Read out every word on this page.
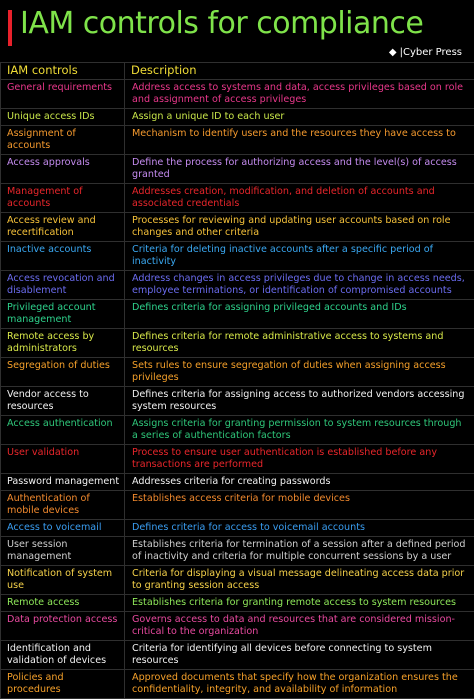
IAM controls for compliance
◆ |Cyber Press
IAM controls	Description
General requirements	Address access to systems and data, access privileges based on role and assignment of access privileges
Unique access IDs	Assign a unique ID to each user
Assignment of accounts	Mechanism to identify users and the resources they have access to
Access approvals	Define the process for authorizing access and the level(s) of access granted
Management of accounts	Addresses creation, modification, and deletion of accounts and associated credentials
Access review and recertification	Processes for reviewing and updating user accounts based on role changes and other criteria
Inactive accounts	Criteria for deleting inactive accounts after a specific period of inactivity
Access revocation and disablement	Address changes in access privileges due to change in access needs, employee terminations, or identification of compromised accounts
Privileged account management	Defines criteria for assigning privileged accounts and IDs
Remote access by administrators	Defines criteria for remote administrative access to systems and resources
Segregation of duties	Sets rules to ensure segregation of duties when assigning access privileges
Vendor access to resources	Defines criteria for assigning access to authorized vendors accessing system resources
Access authentication	Assigns criteria for granting permission to system resources through a series of authentication factors
User validation	Process to ensure user authentication is established before any transactions are performed
Password management	Addresses criteria for creating passwords
Authentication of mobile devices	Establishes access criteria for mobile devices
Access to voicemail	Defines criteria for access to voicemail accounts
User session management	Establishes criteria for termination of a session after a defined period of inactivity and criteria for multiple concurrent sessions by a user
Notification of system use	Criteria for displaying a visual message delineating access data prior to granting session access
Remote access	Establishes criteria for granting remote access to system resources
Data protection access	Governs access to data and resources that are considered mission-critical to the organization
Identification and validation of devices	Criteria for identifying all devices before connecting to system resources
Policies and procedures	Approved documents that specify how the organization ensures the confidentiality, integrity, and availability of information
